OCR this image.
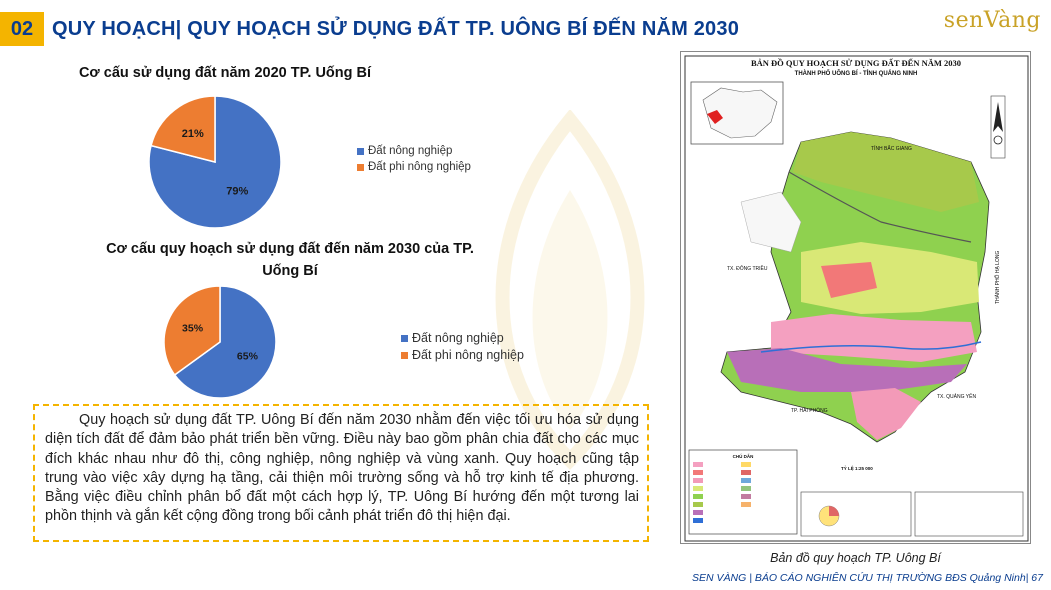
02 QUY HOẠCH| QUY HOẠCH SỬ DỤNG ĐẤT TP. UÔNG BÍ ĐẾN NĂM 2030	senVàng
Cơ cấu sử dụng đất năm 2020 TP. Uống Bí
79%
21%
Đất nông nghiệp
Đất phi nông nghiệp
Cơ cấu quy hoạch sử dụng đất đến năm 2030 của TP.
Uống Bí
65%
35%
Đất nông nghiệp
Đất phi nông nghiệp
Quy hoạch sử dụng đất TP. Uông Bí đến năm 2030 nhằm đến việc tối ưu hóa sử dụng diện tích đất để đảm bảo phát triển bền vững. Điều này bao gồm phân chia đất cho các mục đích khác nhau như đô thị, công nghiệp, nông nghiệp và vùng xanh. Quy hoạch cũng tập trung vào việc xây dựng hạ tầng, cải thiện môi trường sống và hỗ trợ kinh tế địa phương. Bằng việc điều chỉnh phân bổ đất một cách hợp lý, TP. Uông Bí hướng đến một tương lai phồn thịnh và gắn kết cộng đồng trong bối cảnh phát triển đô thị hiện đại.
BẢN ĐỒ QUY HOẠCH SỬ DỤNG ĐẤT ĐẾN NĂM 2030
THÀNH PHỐ UÔNG BÍ - TỈNH QUẢNG NINH
TỈNH BẮC GIANG
TX. ĐÔNG TRIỀU	THÀNH PHỐ HẠ LONG
TP. HẢI PHÒNG
TX. QUẢNG YÊN
CHÚ DẪN
TỶ LỆ 1:25 000
Bản đồ quy hoạch TP. Uông Bí
SEN VÀNG | BÁO CÁO NGHIÊN CỨU THỊ TRƯỜNG BĐS Quảng Ninh| 67
